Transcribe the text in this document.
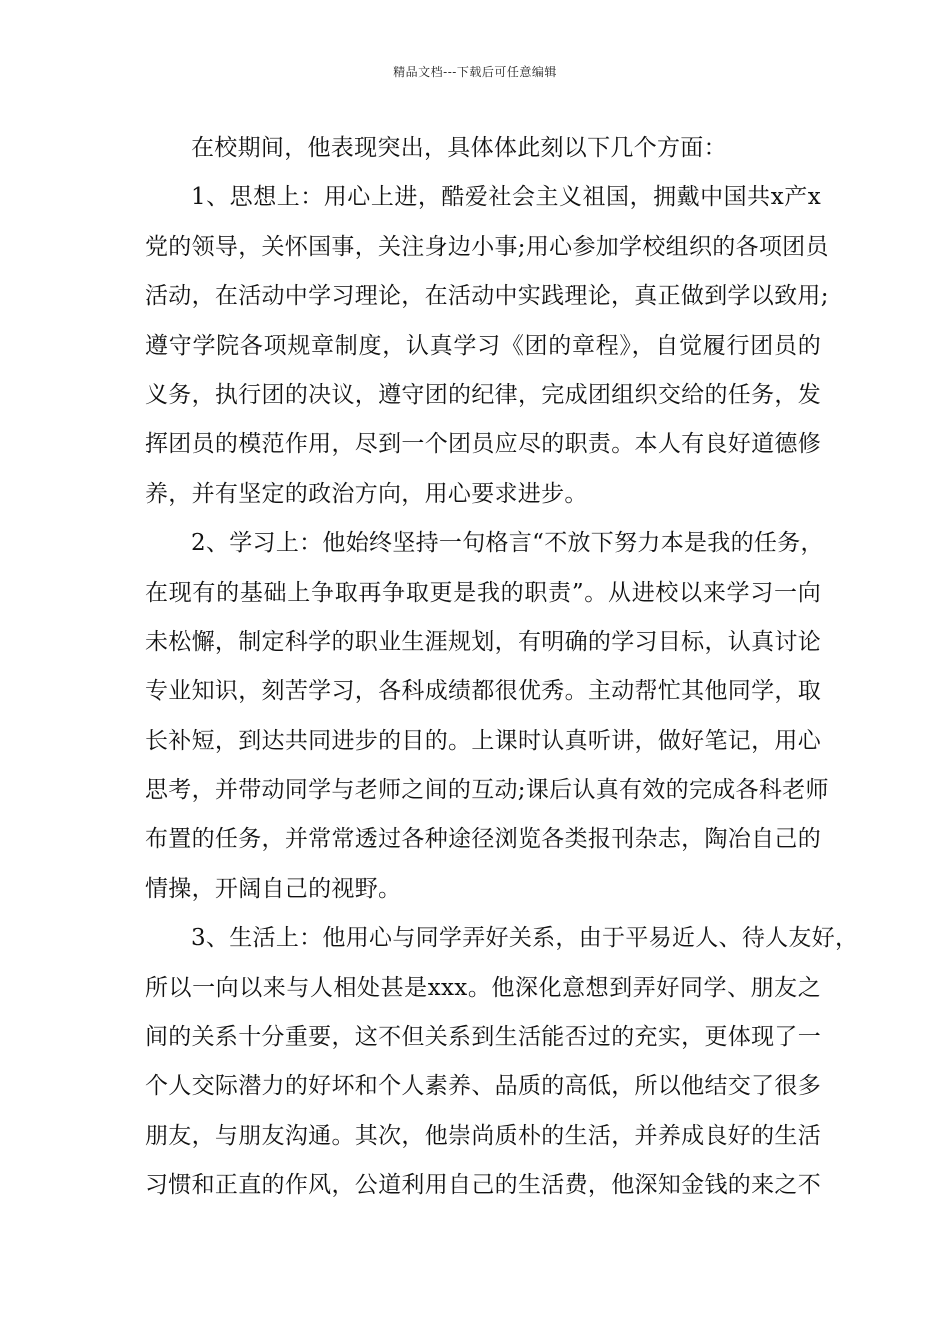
精品文档---下载后可任意编辑
在校期间，他表现突出，具体体此刻以下几个方面：
1、思想上：用心上进，酷爱社会主义祖国，拥戴中国共x产x
党的领导，关怀国事，关注身边小事;用心参加学校组织的各项团员
活动，在活动中学习理论，在活动中实践理论，真正做到学以致用;
遵守学院各项规章制度，认真学习《团的章程》，自觉履行团员的
义务，执行团的决议，遵守团的纪律，完成团组织交给的任务，发
挥团员的模范作用，尽到一个团员应尽的职责。本人有良好道德修
养，并有坚定的政治方向，用心要求进步。
2、学习上：他始终坚持一句格言“不放下努力本是我的任务，
在现有的基础上争取再争取更是我的职责”。从进校以来学习一向
未松懈，制定科学的职业生涯规划，有明确的学习目标，认真讨论
专业知识，刻苦学习，各科成绩都很优秀。主动帮忙其他同学，取
长补短，到达共同进步的目的。上课时认真听讲，做好笔记，用心
思考，并带动同学与老师之间的互动;课后认真有效的完成各科老师
布置的任务，并常常透过各种途径浏览各类报刊杂志，陶冶自己的
情操，开阔自己的视野。
3、生活上：他用心与同学弄好关系，由于平易近人、待人友好，
所以一向以来与人相处甚是xxx。他深化意想到弄好同学、朋友之
间的关系十分重要，这不但关系到生活能否过的充实，更体现了一
个人交际潜力的好坏和个人素养、品质的高低，所以他结交了很多
朋友，与朋友沟通。其次，他崇尚质朴的生活，并养成良好的生活
习惯和正直的作风，公道利用自己的生活费，他深知金钱的来之不
